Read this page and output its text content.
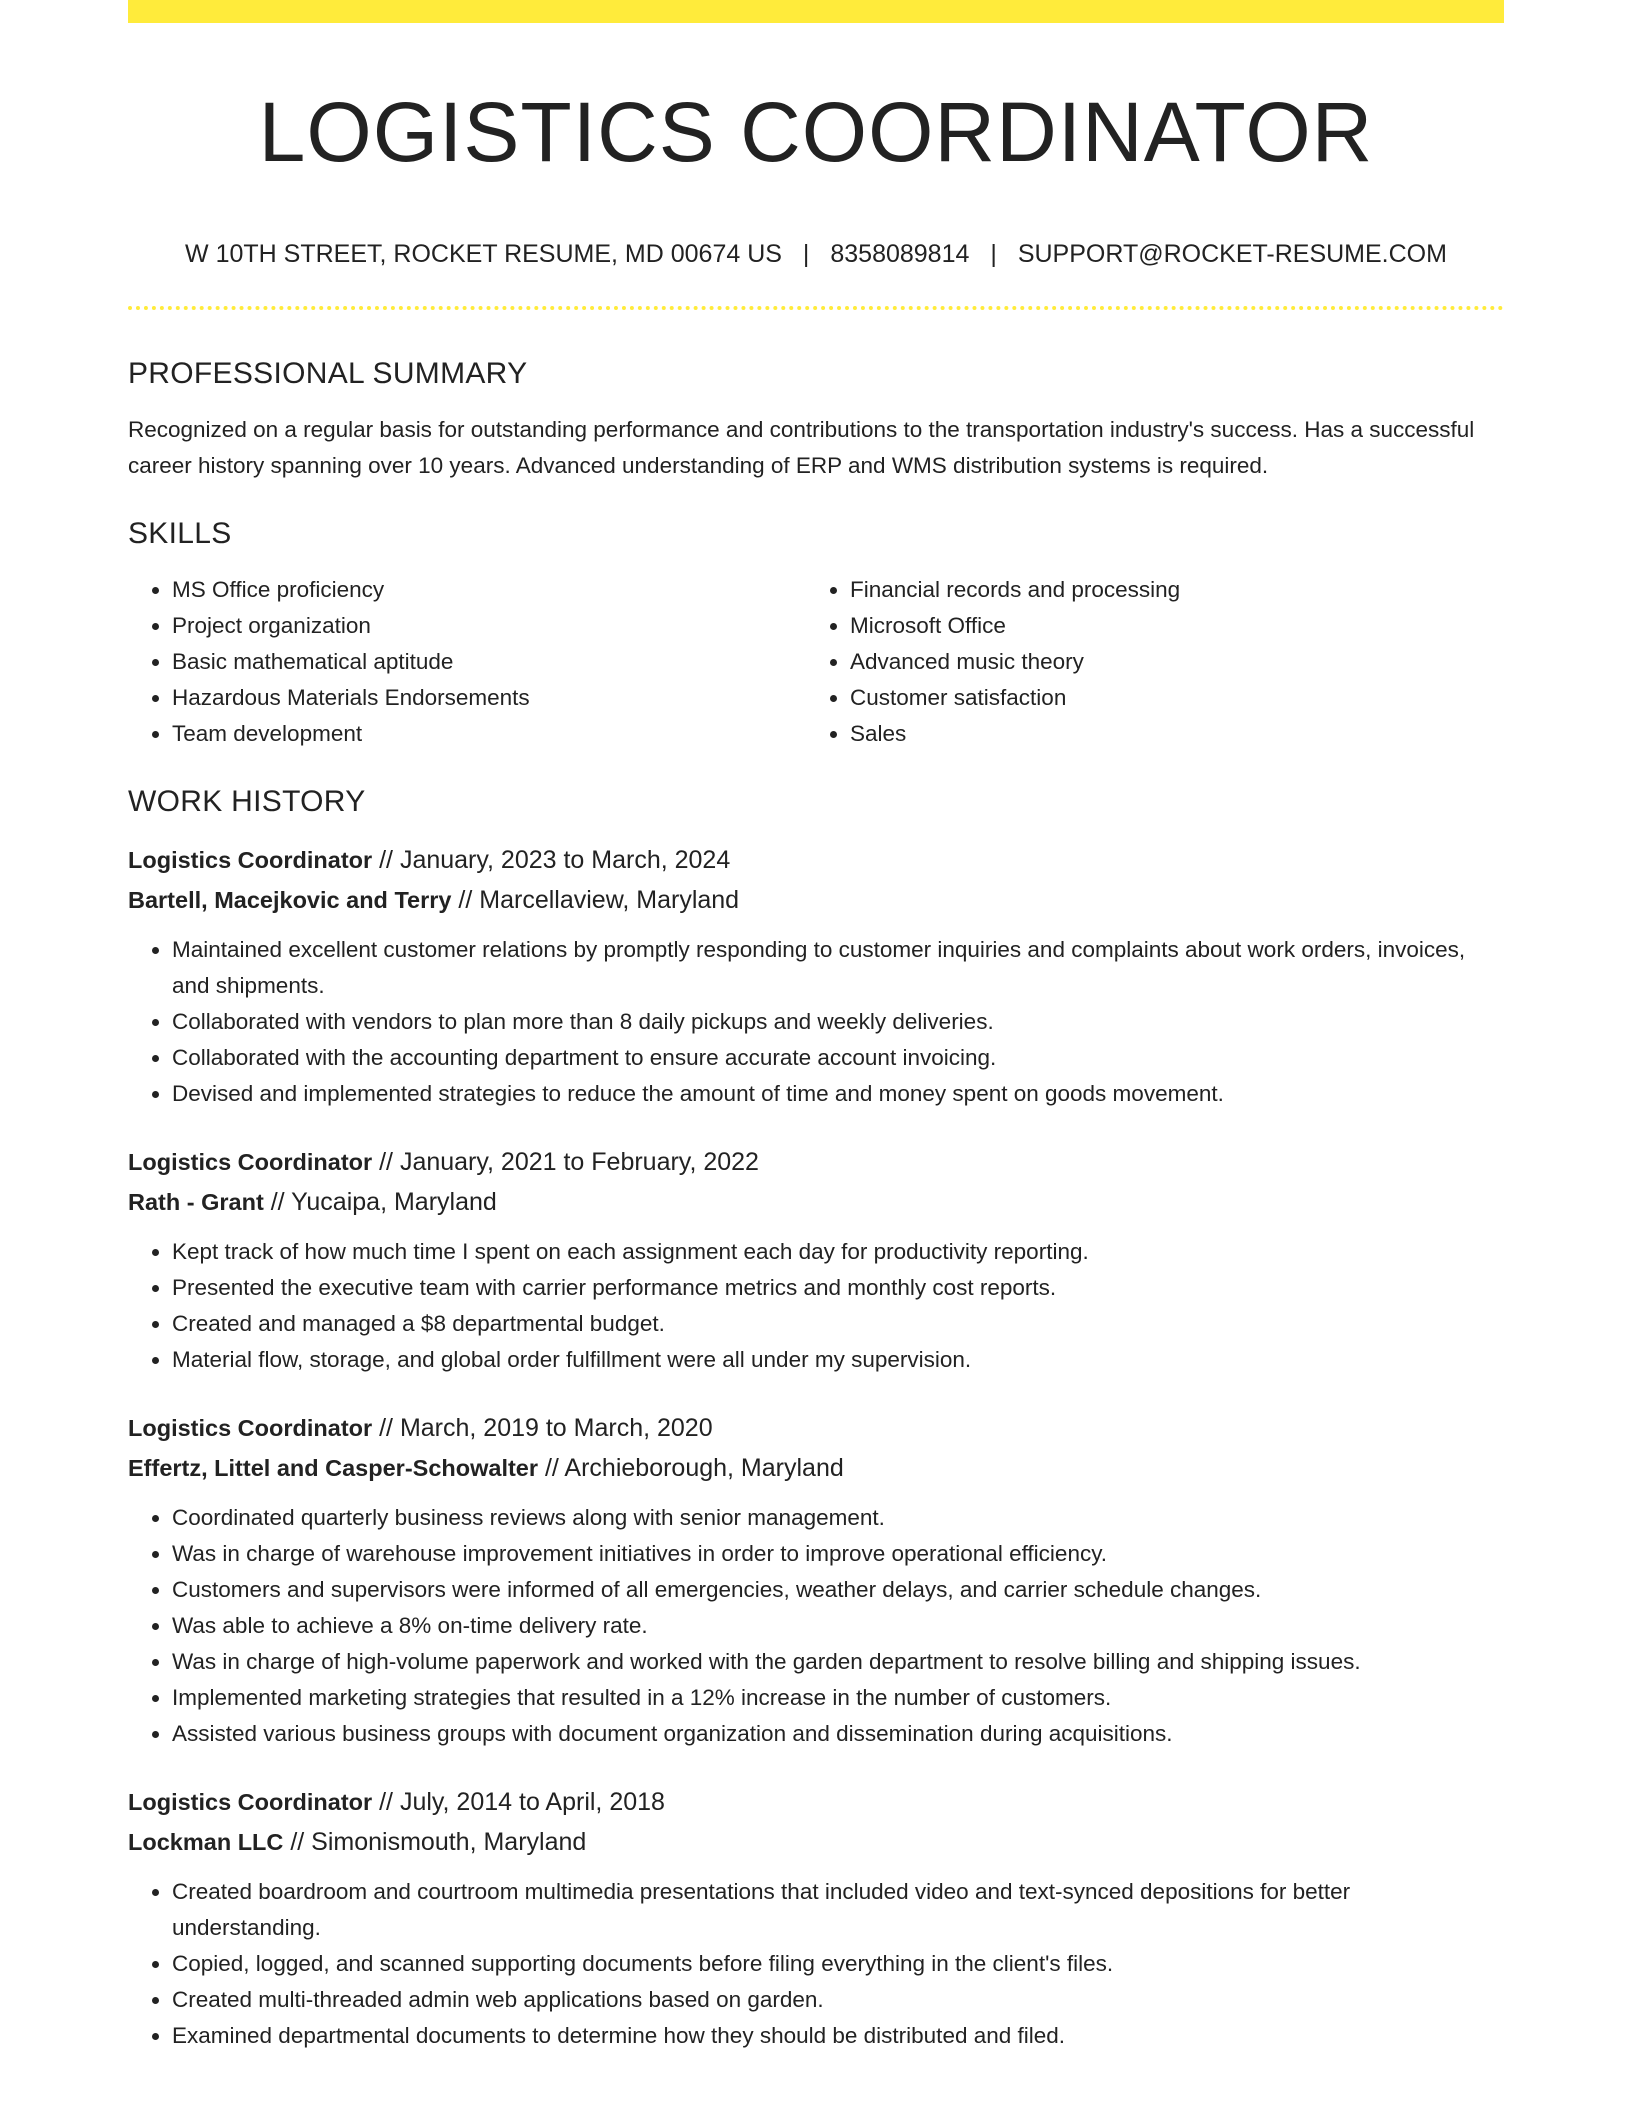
LOGISTICS COORDINATOR
W 10TH STREET, ROCKET RESUME, MD 00674 US | 8358089814 | SUPPORT@ROCKET-RESUME.COM
PROFESSIONAL SUMMARY

Recognized on a regular basis for outstanding performance and contributions to the transportation industry's success. Has a successful career history spanning over 10 years. Advanced understanding of ERP and WMS distribution systems is required.

SKILLS
• MS Office proficiency
• Project organization
• Basic mathematical aptitude
• Hazardous Materials Endorsements
• Team development
• Financial records and processing
• Microsoft Office
• Advanced music theory
• Customer satisfaction
• Sales
WORK HISTORY
Logistics Coordinator // January, 2023 to March, 2024
Bartell, Macejkovic and Terry // Marcellaview, Maryland
• Maintained excellent customer relations by promptly responding to customer inquiries and complaints about work orders, invoices, and shipments.
• Collaborated with vendors to plan more than 8 daily pickups and weekly deliveries.
• Collaborated with the accounting department to ensure accurate account invoicing.
• Devised and implemented strategies to reduce the amount of time and money spent on goods movement.
Logistics Coordinator // January, 2021 to February, 2022
Rath - Grant // Yucaipa, Maryland
• Kept track of how much time I spent on each assignment each day for productivity reporting.
• Presented the executive team with carrier performance metrics and monthly cost reports.
• Created and managed a $8 departmental budget.
• Material flow, storage, and global order fulfillment were all under my supervision.
Logistics Coordinator // March, 2019 to March, 2020
Effertz, Littel and Casper-Schowalter // Archieborough, Maryland
• Coordinated quarterly business reviews along with senior management.
• Was in charge of warehouse improvement initiatives in order to improve operational efficiency.
• Customers and supervisors were informed of all emergencies, weather delays, and carrier schedule changes.
• Was able to achieve a 8% on-time delivery rate.
• Was in charge of high-volume paperwork and worked with the garden department to resolve billing and shipping issues.
• Implemented marketing strategies that resulted in a 12% increase in the number of customers.
• Assisted various business groups with document organization and dissemination during acquisitions.
Logistics Coordinator // July, 2014 to April, 2018
Lockman LLC // Simonismouth, Maryland
• Created boardroom and courtroom multimedia presentations that included video and text-synced depositions for better understanding.
• Copied, logged, and scanned supporting documents before filing everything in the client's files.
• Created multi-threaded admin web applications based on garden.
• Examined departmental documents to determine how they should be distributed and filed.
